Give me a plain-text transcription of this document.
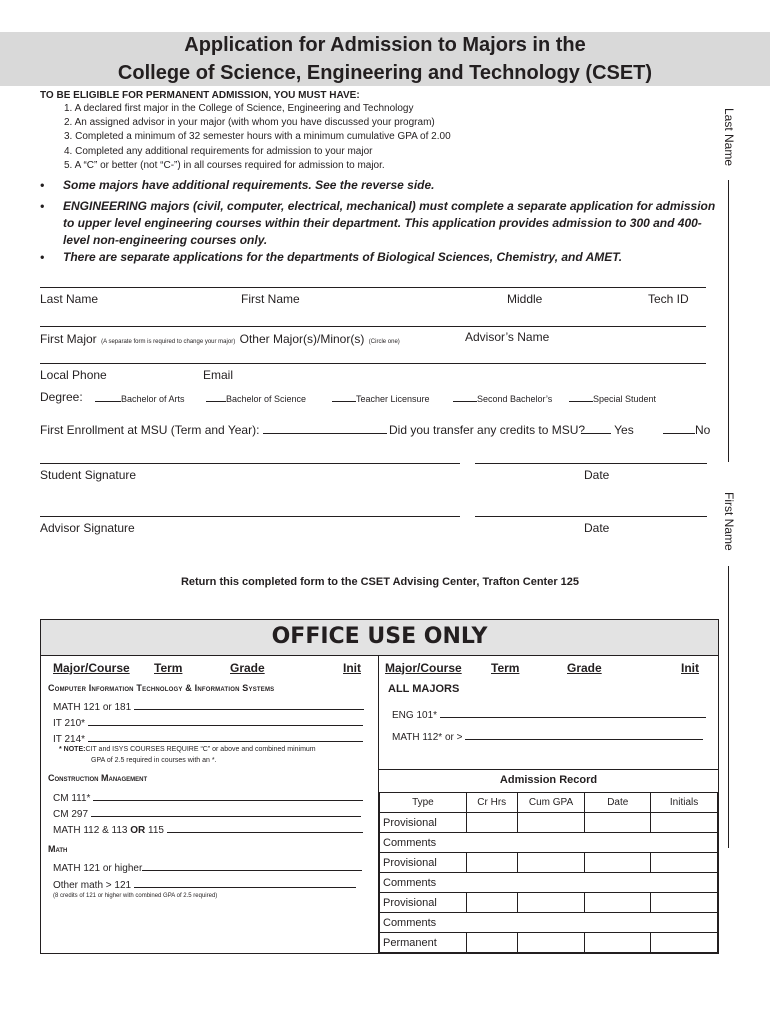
Application for Admission to Majors in the
College of Science, Engineering and Technology (CSET)
TO BE ELIGIBLE FOR PERMANENT ADMISSION, YOU MUST HAVE:
1. A declared first major in the College of Science, Engineering and Technology
2. An assigned advisor in your major (with whom you have discussed your program)
3. Completed a minimum of 32 semester hours with a minimum cumulative GPA of 2.00
4. Completed any additional requirements for admission to your major
5. A “C” or better (not “C-”) in all courses required for admission to major.
• Some majors have additional requirements. See the reverse side.
• ENGINEERING majors (civil, computer, electrical, mechanical) must complete a separate application for admission to upper level engineering courses within their department. This application provides admission to 300 and 400-level non-engineering courses only.
• There are separate applications for the departments of Biological Sciences, Chemistry, and AMET.
Last Name	First Name	Middle	Tech ID
First Major (A separate form is required to change your major) Other Major(s)/Minor(s) (Circle one)	Advisor’s Name
Local Phone	Email
Degree:	Bachelor of Arts	Bachelor of Science	Teacher Licensure	Second Bachelor’s	Special Student
First Enrollment at MSU (Term and Year):	Did you transfer any credits to MSU?	Yes	No
Student Signature	Date
Advisor Signature	Date
Last Name
First Name
Return this completed form to the CSET Advising Center, Trafton Center 125
OFFICE USE ONLY
Major/Course Term	Grade	Init Major/Course Term	Grade	Init
Computer Information Technology & Information Systems
MATH 121 or 181
IT 210*
IT 214*
* NOTE:CIT and ISYS COURSES REQUIRE “C” or above and combined minimum
GPA of 2.5 required in courses with an *.
Construction Management
CM 111*
CM 297
MATH 112 & 113 OR 115
Math
MATH 121 or higher
Other math > 121
(8 credits of 121 or higher with combined GPA of 2.5 required)
ALL MAJORS
ENG 101*
MATH 112* or >
Admission Record
Type	Cr Hrs	Cum GPA	Date	Initials
Provisional				
Comments				
Provisional				
Comments				
Provisional				
Comments				
Permanent				
